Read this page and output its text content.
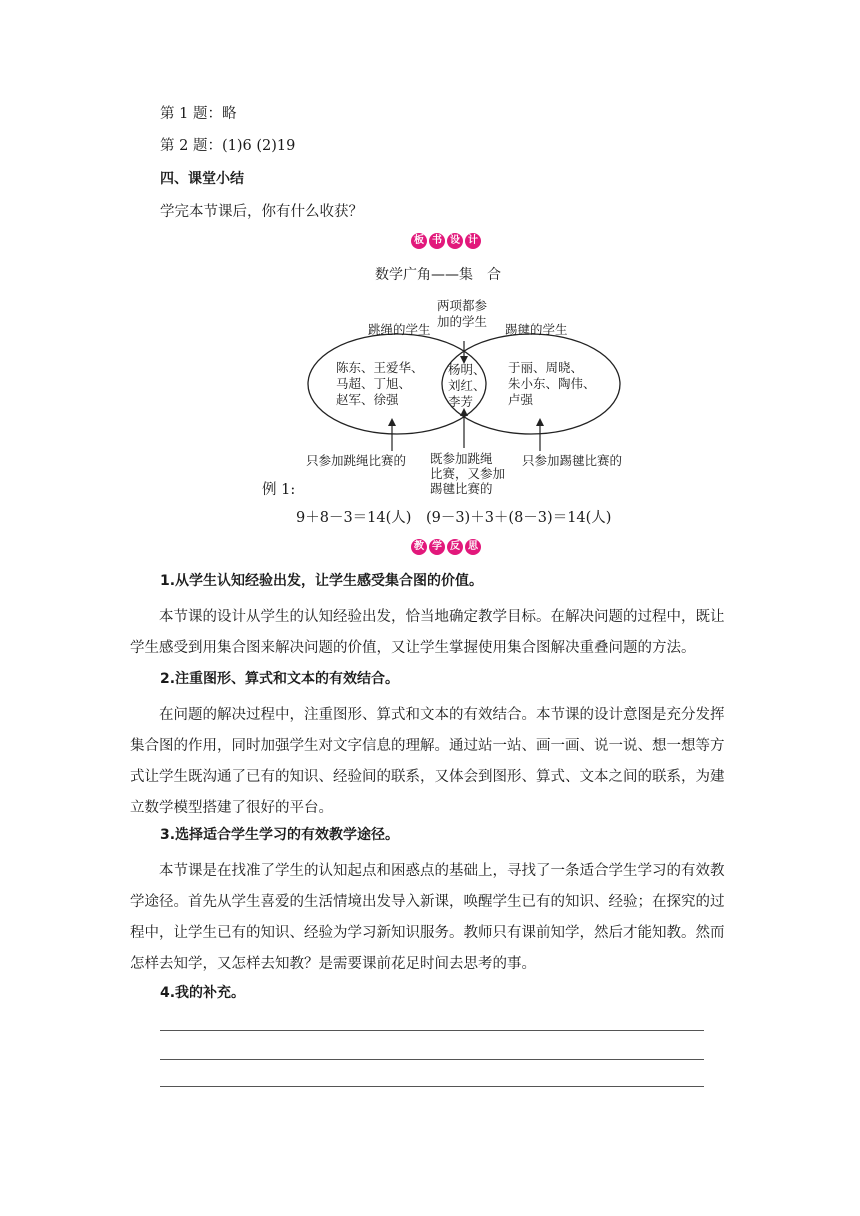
第 1 题：略
第 2 题：(1)6 (2)19
四、课堂小结
学完本节课后，你有什么收获？
板 书 设 计
数学广角——集　合
两项都参
加的学生
跳绳的学生	踢毽的学生
陈东、王爱华、
马超、丁旭、
赵军、徐强
杨明、
刘红、
李芳
于丽、周晓、
朱小东、陶伟、
卢强
只参加跳绳比赛的 既参加跳绳
比赛，又参加
踢毽比赛的
只参加踢毽比赛的
例 1:
9＋8－3＝14(人)　(9－3)＋3＋(8－3)＝14(人)
教 学 反 思
1.从学生认知经验出发，让学生感受集合图的价值。
本节课的设计从学生的认知经验出发，恰当地确定教学目标。在解决问题的过程中，既让学生感受到用集合图来解决问题的价值，又让学生掌握使用集合图解决重叠问题的方法。
2.注重图形、算式和文本的有效结合。
在问题的解决过程中，注重图形、算式和文本的有效结合。本节课的设计意图是充分发挥集合图的作用，同时加强学生对文字信息的理解。通过站一站、画一画、说一说、想一想等方式让学生既沟通了已有的知识、经验间的联系，又体会到图形、算式、文本之间的联系，为建立数学模型搭建了很好的平台。
3.选择适合学生学习的有效教学途径。
本节课是在找准了学生的认知起点和困惑点的基础上，寻找了一条适合学生学习的有效教学途径。首先从学生喜爱的生活情境出发导入新课，唤醒学生已有的知识、经验；在探究的过程中，让学生已有的知识、经验为学习新知识服务。教师只有课前知学，然后才能知教。然而怎样去知学，又怎样去知教？是需要课前花足时间去思考的事。
4.我的补充。
